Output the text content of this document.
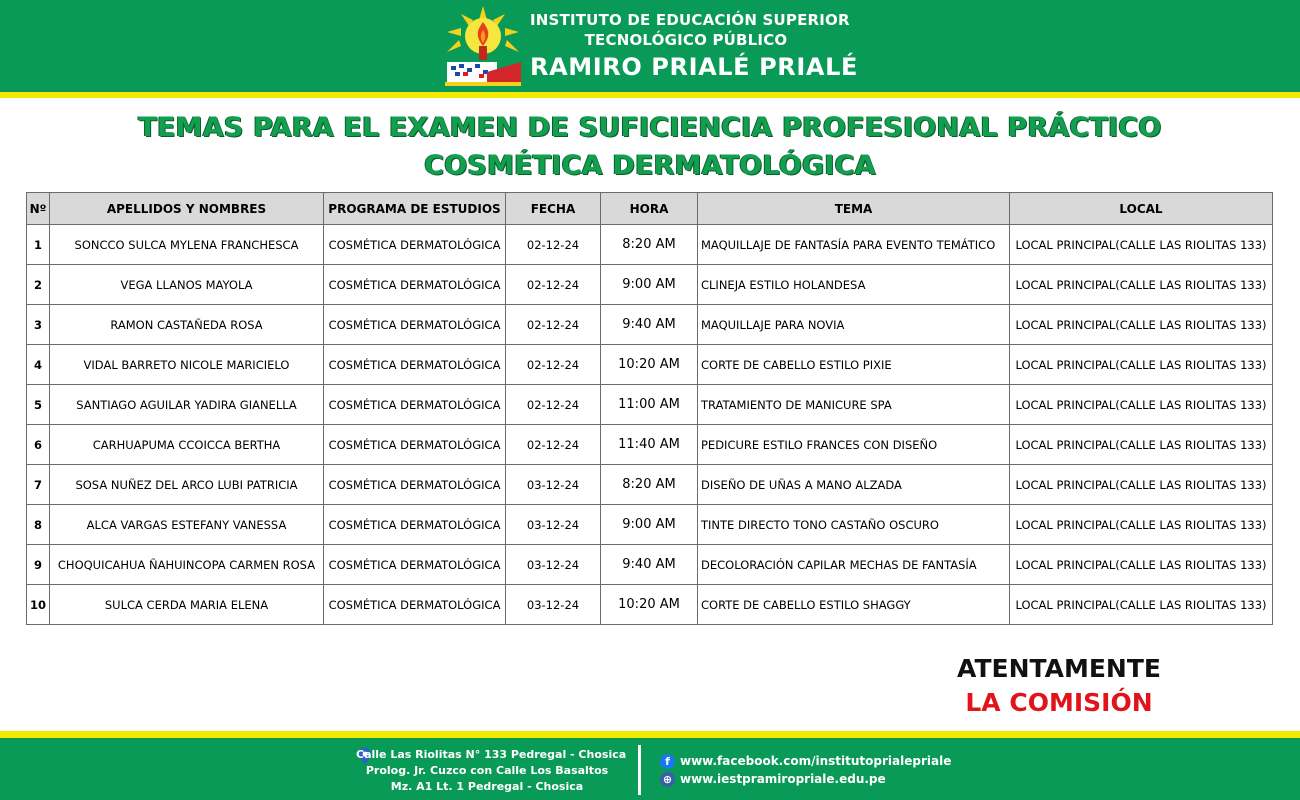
INSTITUTO DE EDUCACIÓN SUPERIOR
TECNOLÓGICO PÚBLICO
RAMIRO PRIALÉ PRIALÉ
TEMAS PARA EL EXAMEN DE SUFICIENCIA PROFESIONAL PRÁCTICO
COSMÉTICA DERMATOLÓGICA
Nº	APELLIDOS Y NOMBRES	PROGRAMA DE ESTUDIOS	FECHA	HORA	TEMA	LOCAL
1	SONCCO SULCA MYLENA FRANCHESCA	COSMÉTICA DERMATOLÓGICA	02-12-24	8:20 AM	MAQUILLAJE DE FANTASÍA PARA EVENTO TEMÁTICO	LOCAL PRINCIPAL(CALLE LAS RIOLITAS 133)
2	VEGA LLANOS MAYOLA	COSMÉTICA DERMATOLÓGICA	02-12-24	9:00 AM	CLINEJA ESTILO HOLANDESA	LOCAL PRINCIPAL(CALLE LAS RIOLITAS 133)
3	RAMON CASTAÑEDA ROSA	COSMÉTICA DERMATOLÓGICA	02-12-24	9:40 AM	MAQUILLAJE PARA NOVIA	LOCAL PRINCIPAL(CALLE LAS RIOLITAS 133)
4	VIDAL BARRETO NICOLE MARICIELO	COSMÉTICA DERMATOLÓGICA	02-12-24	10:20 AM	CORTE DE CABELLO ESTILO PIXIE	LOCAL PRINCIPAL(CALLE LAS RIOLITAS 133)
5	SANTIAGO AGUILAR YADIRA GIANELLA	COSMÉTICA DERMATOLÓGICA	02-12-24	11:00 AM	TRATAMIENTO DE MANICURE SPA	LOCAL PRINCIPAL(CALLE LAS RIOLITAS 133)
6	CARHUAPUMA CCOICCA BERTHA	COSMÉTICA DERMATOLÓGICA	02-12-24	11:40 AM	PEDICURE ESTILO FRANCES CON DISEÑO	LOCAL PRINCIPAL(CALLE LAS RIOLITAS 133)
7	SOSA NUÑEZ DEL ARCO LUBI PATRICIA	COSMÉTICA DERMATOLÓGICA	03-12-24	8:20 AM	DISEÑO DE UÑAS A MANO ALZADA	LOCAL PRINCIPAL(CALLE LAS RIOLITAS 133)
8	ALCA VARGAS ESTEFANY VANESSA	COSMÉTICA DERMATOLÓGICA	03-12-24	9:00 AM	TINTE DIRECTO TONO CASTAÑO OSCURO	LOCAL PRINCIPAL(CALLE LAS RIOLITAS 133)
9	CHOQUICAHUA ÑAHUINCOPA CARMEN ROSA	COSMÉTICA DERMATOLÓGICA	03-12-24	9:40 AM	DECOLORACIÓN CAPILAR MECHAS DE FANTASÍA	LOCAL PRINCIPAL(CALLE LAS RIOLITAS 133)
10	SULCA CERDA MARIA ELENA	COSMÉTICA DERMATOLÓGICA	03-12-24	10:20 AM	CORTE DE CABELLO ESTILO SHAGGY	LOCAL PRINCIPAL(CALLE LAS RIOLITAS 133)
ATENTAMENTE
LA COMISIÓN
Calle Las Riolitas N° 133 Pedregal - Chosica
Prolog. Jr. Cuzco con Calle Los Basaltos
Mz. A1 Lt. 1 Pedregal - Chosica
f www.facebook.com/institutoprialepriale
⊕ www.iestpramiropriale.edu.pe
